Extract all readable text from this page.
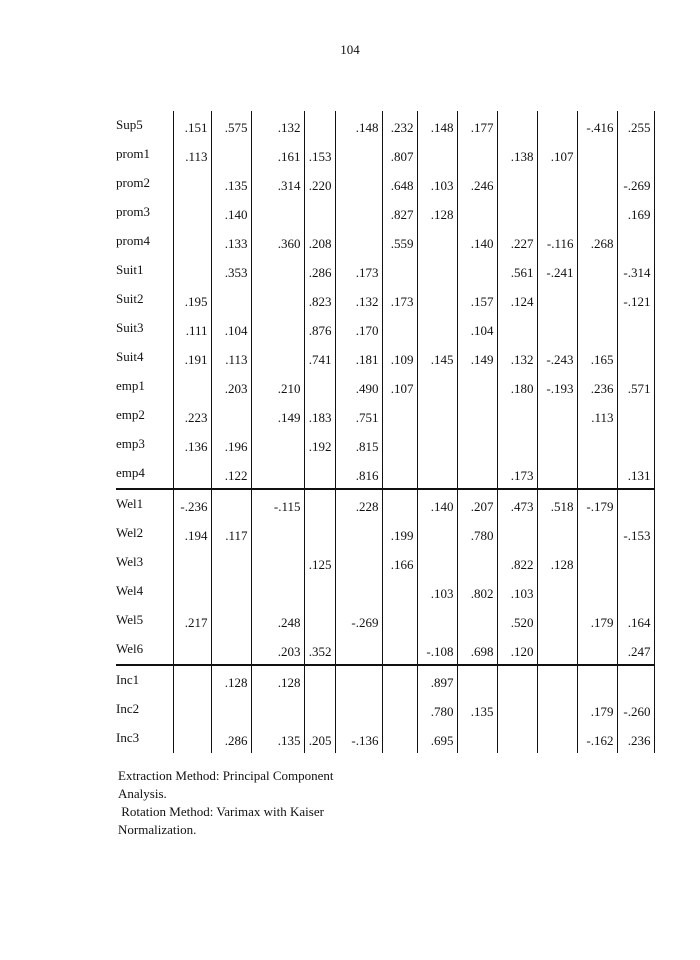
104
Sup5	.151	.575	.132		.148	.232	.148	.177			-.416	.255
prom1	.113		.161	.153		.807			.138	.107		
prom2		.135	.314	.220		.648	.103	.246				-.269
prom3		.140				.827	.128					.169
prom4		.133	.360	.208		.559		.140	.227	-.116	.268	
Suit1		.353		.286	.173				.561	-.241		-.314
Suit2	.195			.823	.132	.173		.157	.124			-.121
Suit3	.111	.104		.876	.170			.104				
Suit4	.191	.113		.741	.181	.109	.145	.149	.132	-.243	.165	
emp1		.203	.210		.490	.107			.180	-.193	.236	.571
emp2	.223		.149	.183	.751						.113	
emp3	.136	.196		.192	.815							
emp4		.122			.816				.173			.131
Wel1	-.236		-.115		.228		.140	.207	.473	.518	-.179	
Wel2	.194	.117				.199		.780				-.153
Wel3				.125		.166			.822	.128		
Wel4							.103	.802	.103			
Wel5	.217		.248		-.269				.520		.179	.164
Wel6			.203	.352			-.108	.698	.120			.247
Inc1		.128	.128				.897					
Inc2							.780	.135			.179	-.260
Inc3		.286	.135	.205	-.136		.695				-.162	.236
Extraction Method: Principal Component
Analysis.
Rotation Method: Varimax with Kaiser
Normalization.
